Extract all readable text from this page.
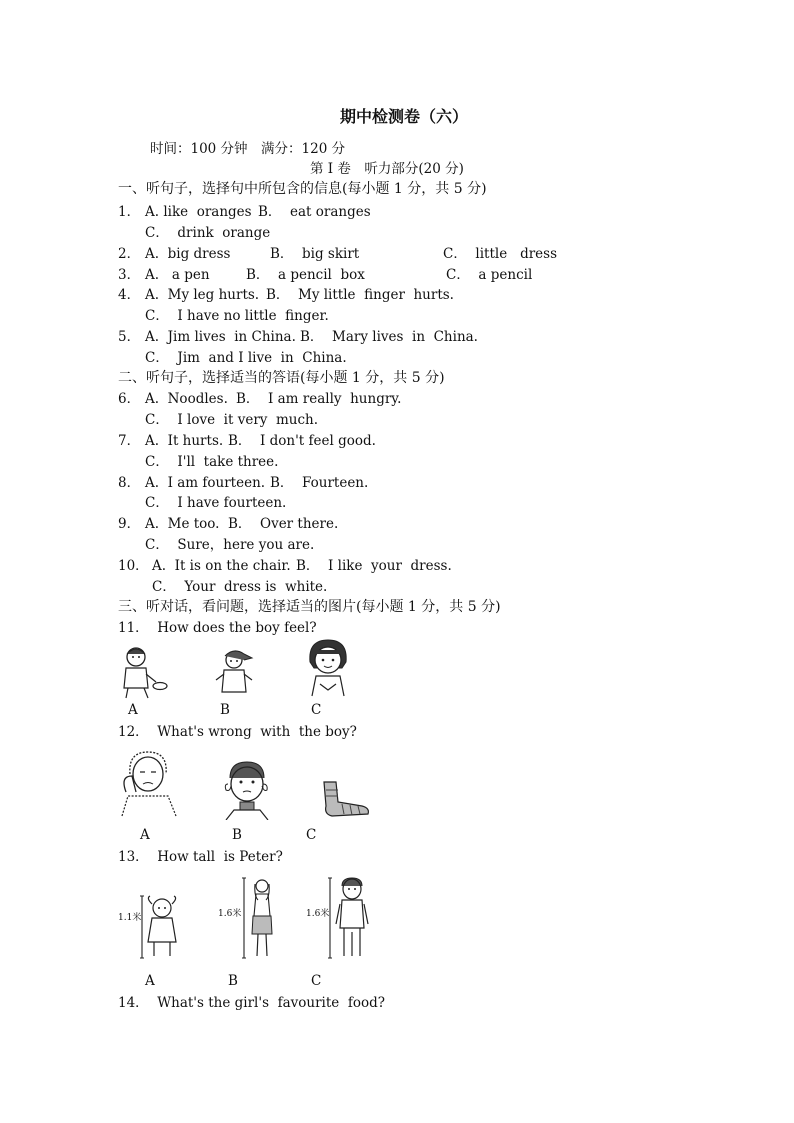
期中检测卷（六）
时间：100 分钟　满分：120 分
第 I 卷　听力部分(20 分)
一、听句子，选择句中所包含的信息(每小题 1 分，共 5 分)
1． A. like  oranges B．  eat oranges
C．  drink  orange
2． A.  big dress	B．  big skirt	C．  little   dress
3． A.   a pen	B．  a pencil  box	C．  a pencil
4． A.  My leg hurts. B．  My little  finger  hurts.
C．  I have no little  finger.
5． A.  Jim lives  in China. B．  Mary lives  in  China.
C．  Jim  and I live  in  China.
二、听句子，选择适当的答语(每小题 1 分，共 5 分)
6． A.  Noodles. B．  I am really  hungry.
C．  I love  it very  much.
7． A.  It hurts. B．  I don't feel good.
C．  I'll  take three.
8． A.  I am fourteen. B．  Fourteen.
C．  I have fourteen.
9． A.  Me too. B．  Over there.
C．  Sure，here you are.
10． A.  It is on the chair. B．  I like  your  dress.
C．  Your  dress is  white.
三、听对话，看问题，选择适当的图片(每小题 1 分，共 5 分)
11．  How does the boy feel?
A	B	C
12．  What's wrong  with  the boy?
A	B	C
13．  How tall  is Peter?
1.1米	1.6米	1.6米
A	B	C
14．  What's the girl's  favourite  food?
